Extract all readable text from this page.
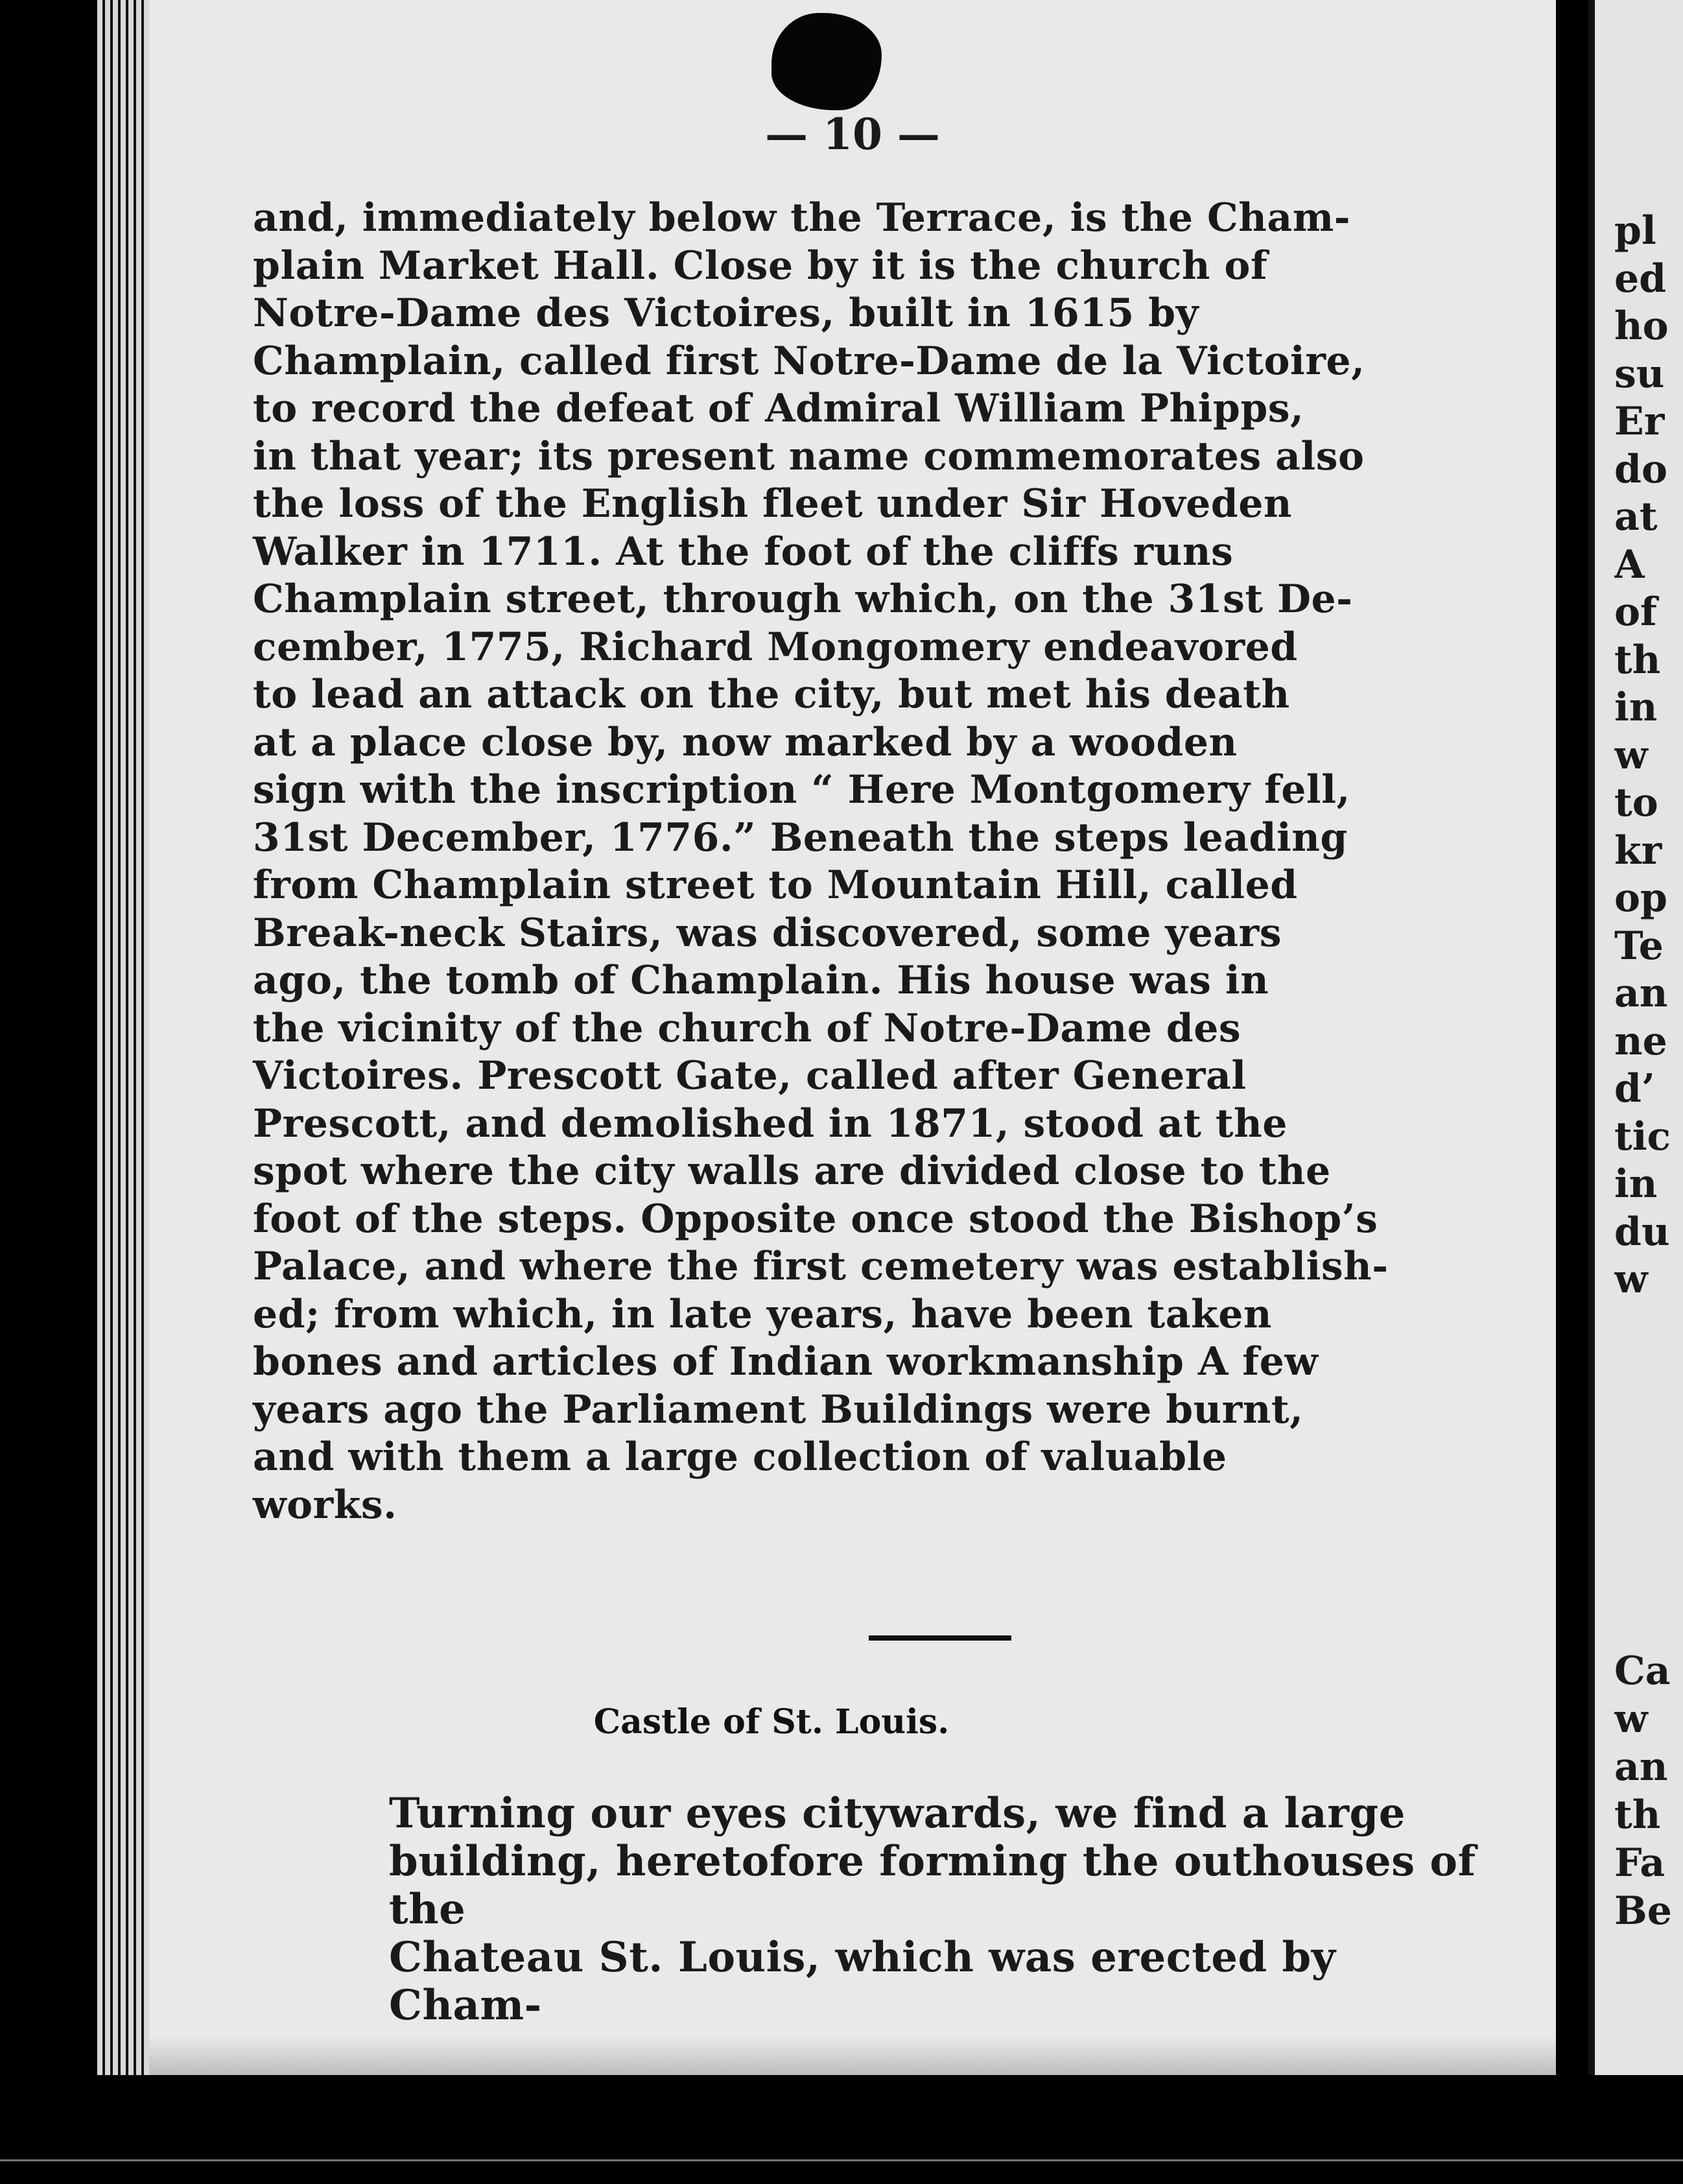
— 10 —

and, immediately below the Terrace, is the Cham-
plain Market Hall. Close by it is the church of
Notre-Dame des Victoires, built in 1615 by
Champlain, called first Notre-Dame de la Victoire,
to record the defeat of Admiral William Phipps,
in that year; its present name commemorates also
the loss of the English fleet under Sir Hoveden
Walker in 1711. At the foot of the cliffs runs
Champlain street, through which, on the 31st De-
cember, 1775, Richard Mongomery endeavored
to lead an attack on the city, but met his death
at a place close by, now marked by a wooden
sign with the inscription “ Here Montgomery fell,
31st December, 1776.” Beneath the steps leading
from Champlain street to Mountain Hill, called
Break-neck Stairs, was discovered, some years
ago, the tomb of Champlain. His house was in
the vicinity of the church of Notre-Dame des
Victoires. Prescott Gate, called after General
Prescott, and demolished in 1871, stood at the
spot where the city walls are divided close to the
foot of the steps. Opposite once stood the Bishop’s
Palace, and where the first cemetery was establish-
ed; from which, in late years, have been taken
bones and articles of Indian workmanship A few
years ago the Parliament Buildings were burnt,
and with them a large collection of valuable
works.

Castle of St. Louis.

Turning our eyes citywards, we find a large
building, heretofore forming the outhouses of the
Chateau St. Louis, which was erected by Cham-

pl
ed
ho
su
Er
do
at
A
of
th
in
w
to
kr
op
Te
an
ne
d’
tic
in
du
w

Ca
w
an
th
Fa
Be
